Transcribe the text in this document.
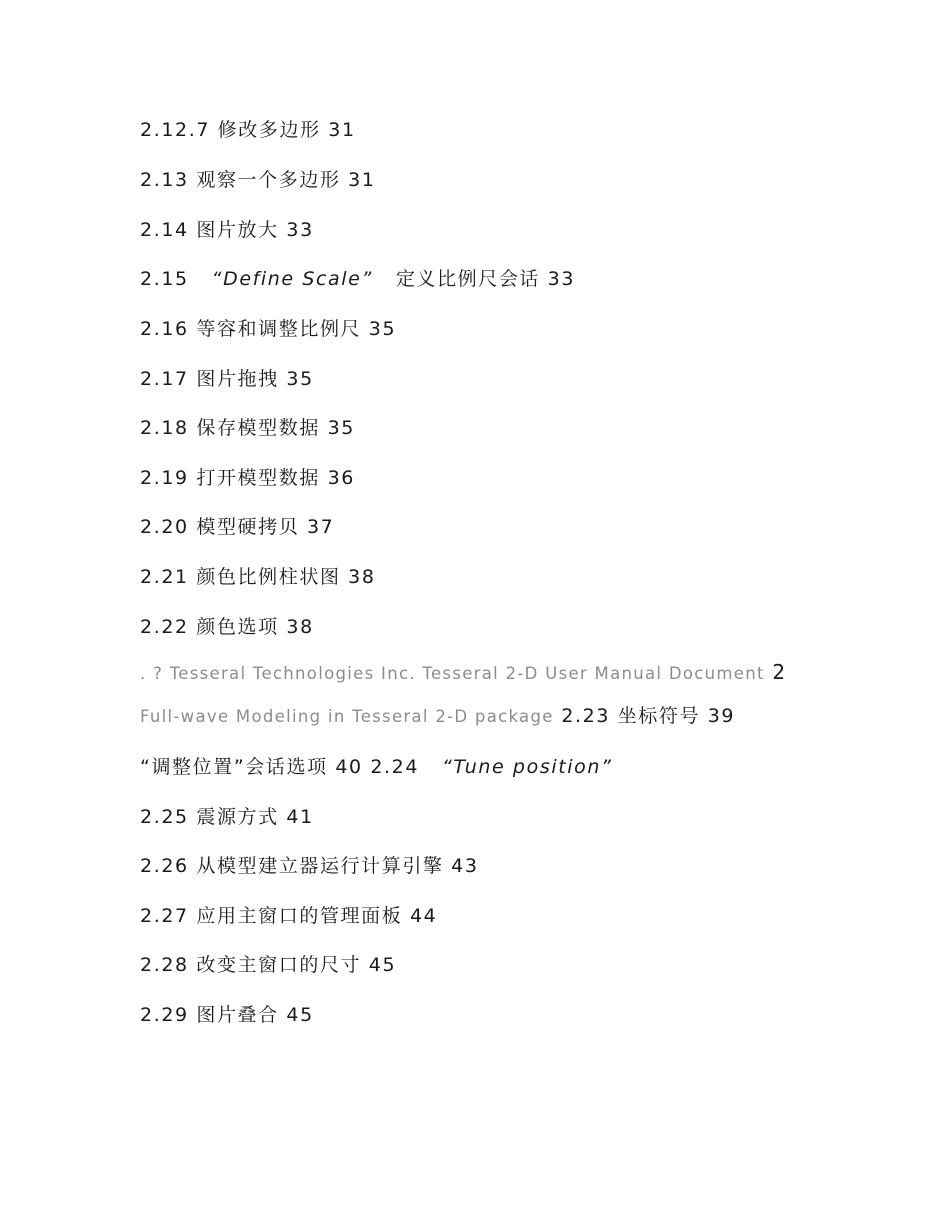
2.12.7 修改多边形 31
2.13 观察一个多边形 31
2.14 图片放大 33
2.15 “Define Scale” 定义比例尺会话 33
2.16 等容和调整比例尺 35
2.17 图片拖拽 35
2.18 保存模型数据 35
2.19 打开模型数据 36
2.20 模型硬拷贝 37
2.21 颜色比例柱状图 38
2.22 颜色选项 38
. ? Tesseral Technologies Inc. Tesseral 2-D User Manual Document 2
Full-wave Modeling in Tesseral 2-D package 2.23 坐标符号 39
“调整位置”会话选项 40 2.24 “Tune position”
2.25 震源方式 41
2.26 从模型建立器运行计算引擎 43
2.27 应用主窗口的管理面板 44
2.28 改变主窗口的尺寸 45
2.29 图片叠合 45
